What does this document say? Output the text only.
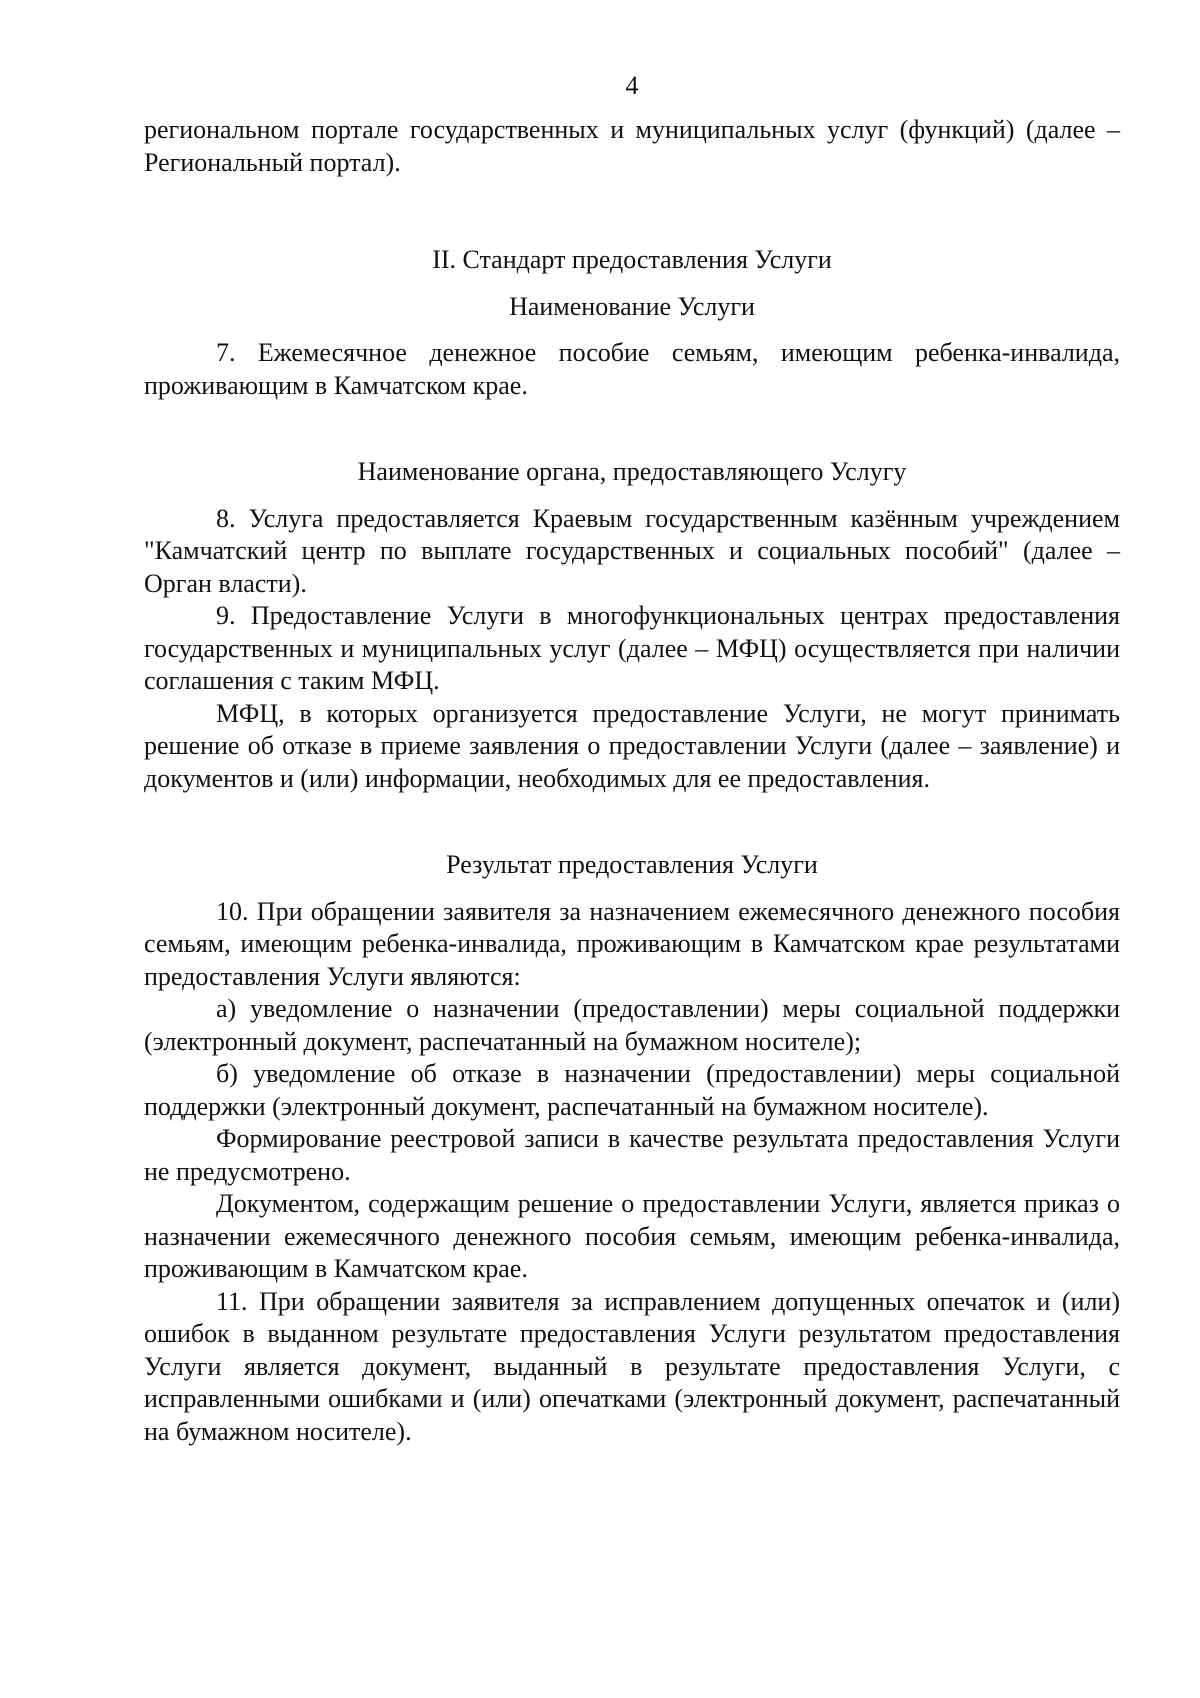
4

региональном портале государственных и муниципальных услуг (функций) (далее – Региональный портал).

II. Стандарт предоставления Услуги

Наименование Услуги

7. Ежемесячное денежное пособие семьям, имеющим ребенка-инвалида, проживающим в Камчатском крае.

Наименование органа, предоставляющего Услугу

8. Услуга предоставляется Краевым государственным казённым учреждением "Камчатский центр по выплате государственных и социальных пособий" (далее – Орган власти).

9. Предоставление Услуги в многофункциональных центрах предоставления государственных и муниципальных услуг (далее – МФЦ) осуществляется при наличии соглашения с таким МФЦ.

МФЦ, в которых организуется предоставление Услуги, не могут принимать решение об отказе в приеме заявления о предоставлении Услуги (далее – заявление) и документов и (или) информации, необходимых для ее предоставления.

Результат предоставления Услуги

10. При обращении заявителя за назначением ежемесячного денежного пособия семьям, имеющим ребенка-инвалида, проживающим в Камчатском крае результатами предоставления Услуги являются:

а) уведомление о назначении (предоставлении) меры социальной поддержки (электронный документ, распечатанный на бумажном носителе);

б) уведомление об отказе в назначении (предоставлении) меры социальной поддержки (электронный документ, распечатанный на бумажном носителе).

Формирование реестровой записи в качестве результата предоставления Услуги не предусмотрено.

Документом, содержащим решение о предоставлении Услуги, является приказ о назначении ежемесячного денежного пособия семьям, имеющим ребенка-инвалида, проживающим в Камчатском крае.

11. При обращении заявителя за исправлением допущенных опечаток и (или) ошибок в выданном результате предоставления Услуги результатом предоставления Услуги является документ, выданный в результате предоставления Услуги, с исправленными ошибками и (или) опечатками (электронный документ, распечатанный на бумажном носителе).
